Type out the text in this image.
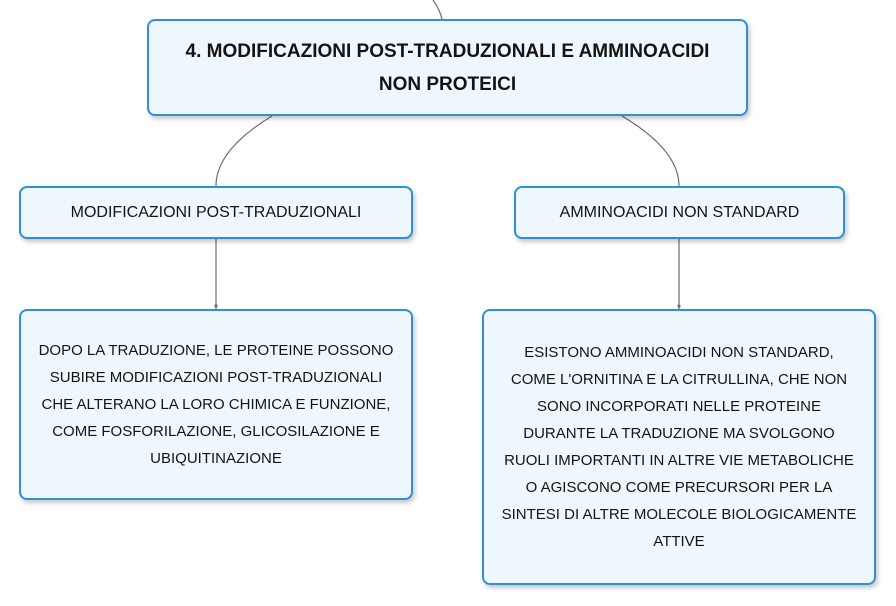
4. MODIFICAZIONI POST-TRADUZIONALI E AMMINOACIDI NON PROTEICI
MODIFICAZIONI POST-TRADUZIONALI	AMMINOACIDI NON STANDARD
DOPO LA TRADUZIONE, LE PROTEINE POSSONO SUBIRE MODIFICAZIONI POST-TRADUZIONALI CHE ALTERANO LA LORO CHIMICA E FUNZIONE, COME FOSFORILAZIONE, GLICOSILAZIONE E UBIQUITINAZIONE
ESISTONO AMMINOACIDI NON STANDARD, COME L'ORNITINA E LA CITRULLINA, CHE NON SONO INCORPORATI NELLE PROTEINE DURANTE LA TRADUZIONE MA SVOLGONO RUOLI IMPORTANTI IN ALTRE VIE METABOLICHE O AGISCONO COME PRECURSORI PER LA SINTESI DI ALTRE MOLECOLE BIOLOGICAMENTE ATTIVE
